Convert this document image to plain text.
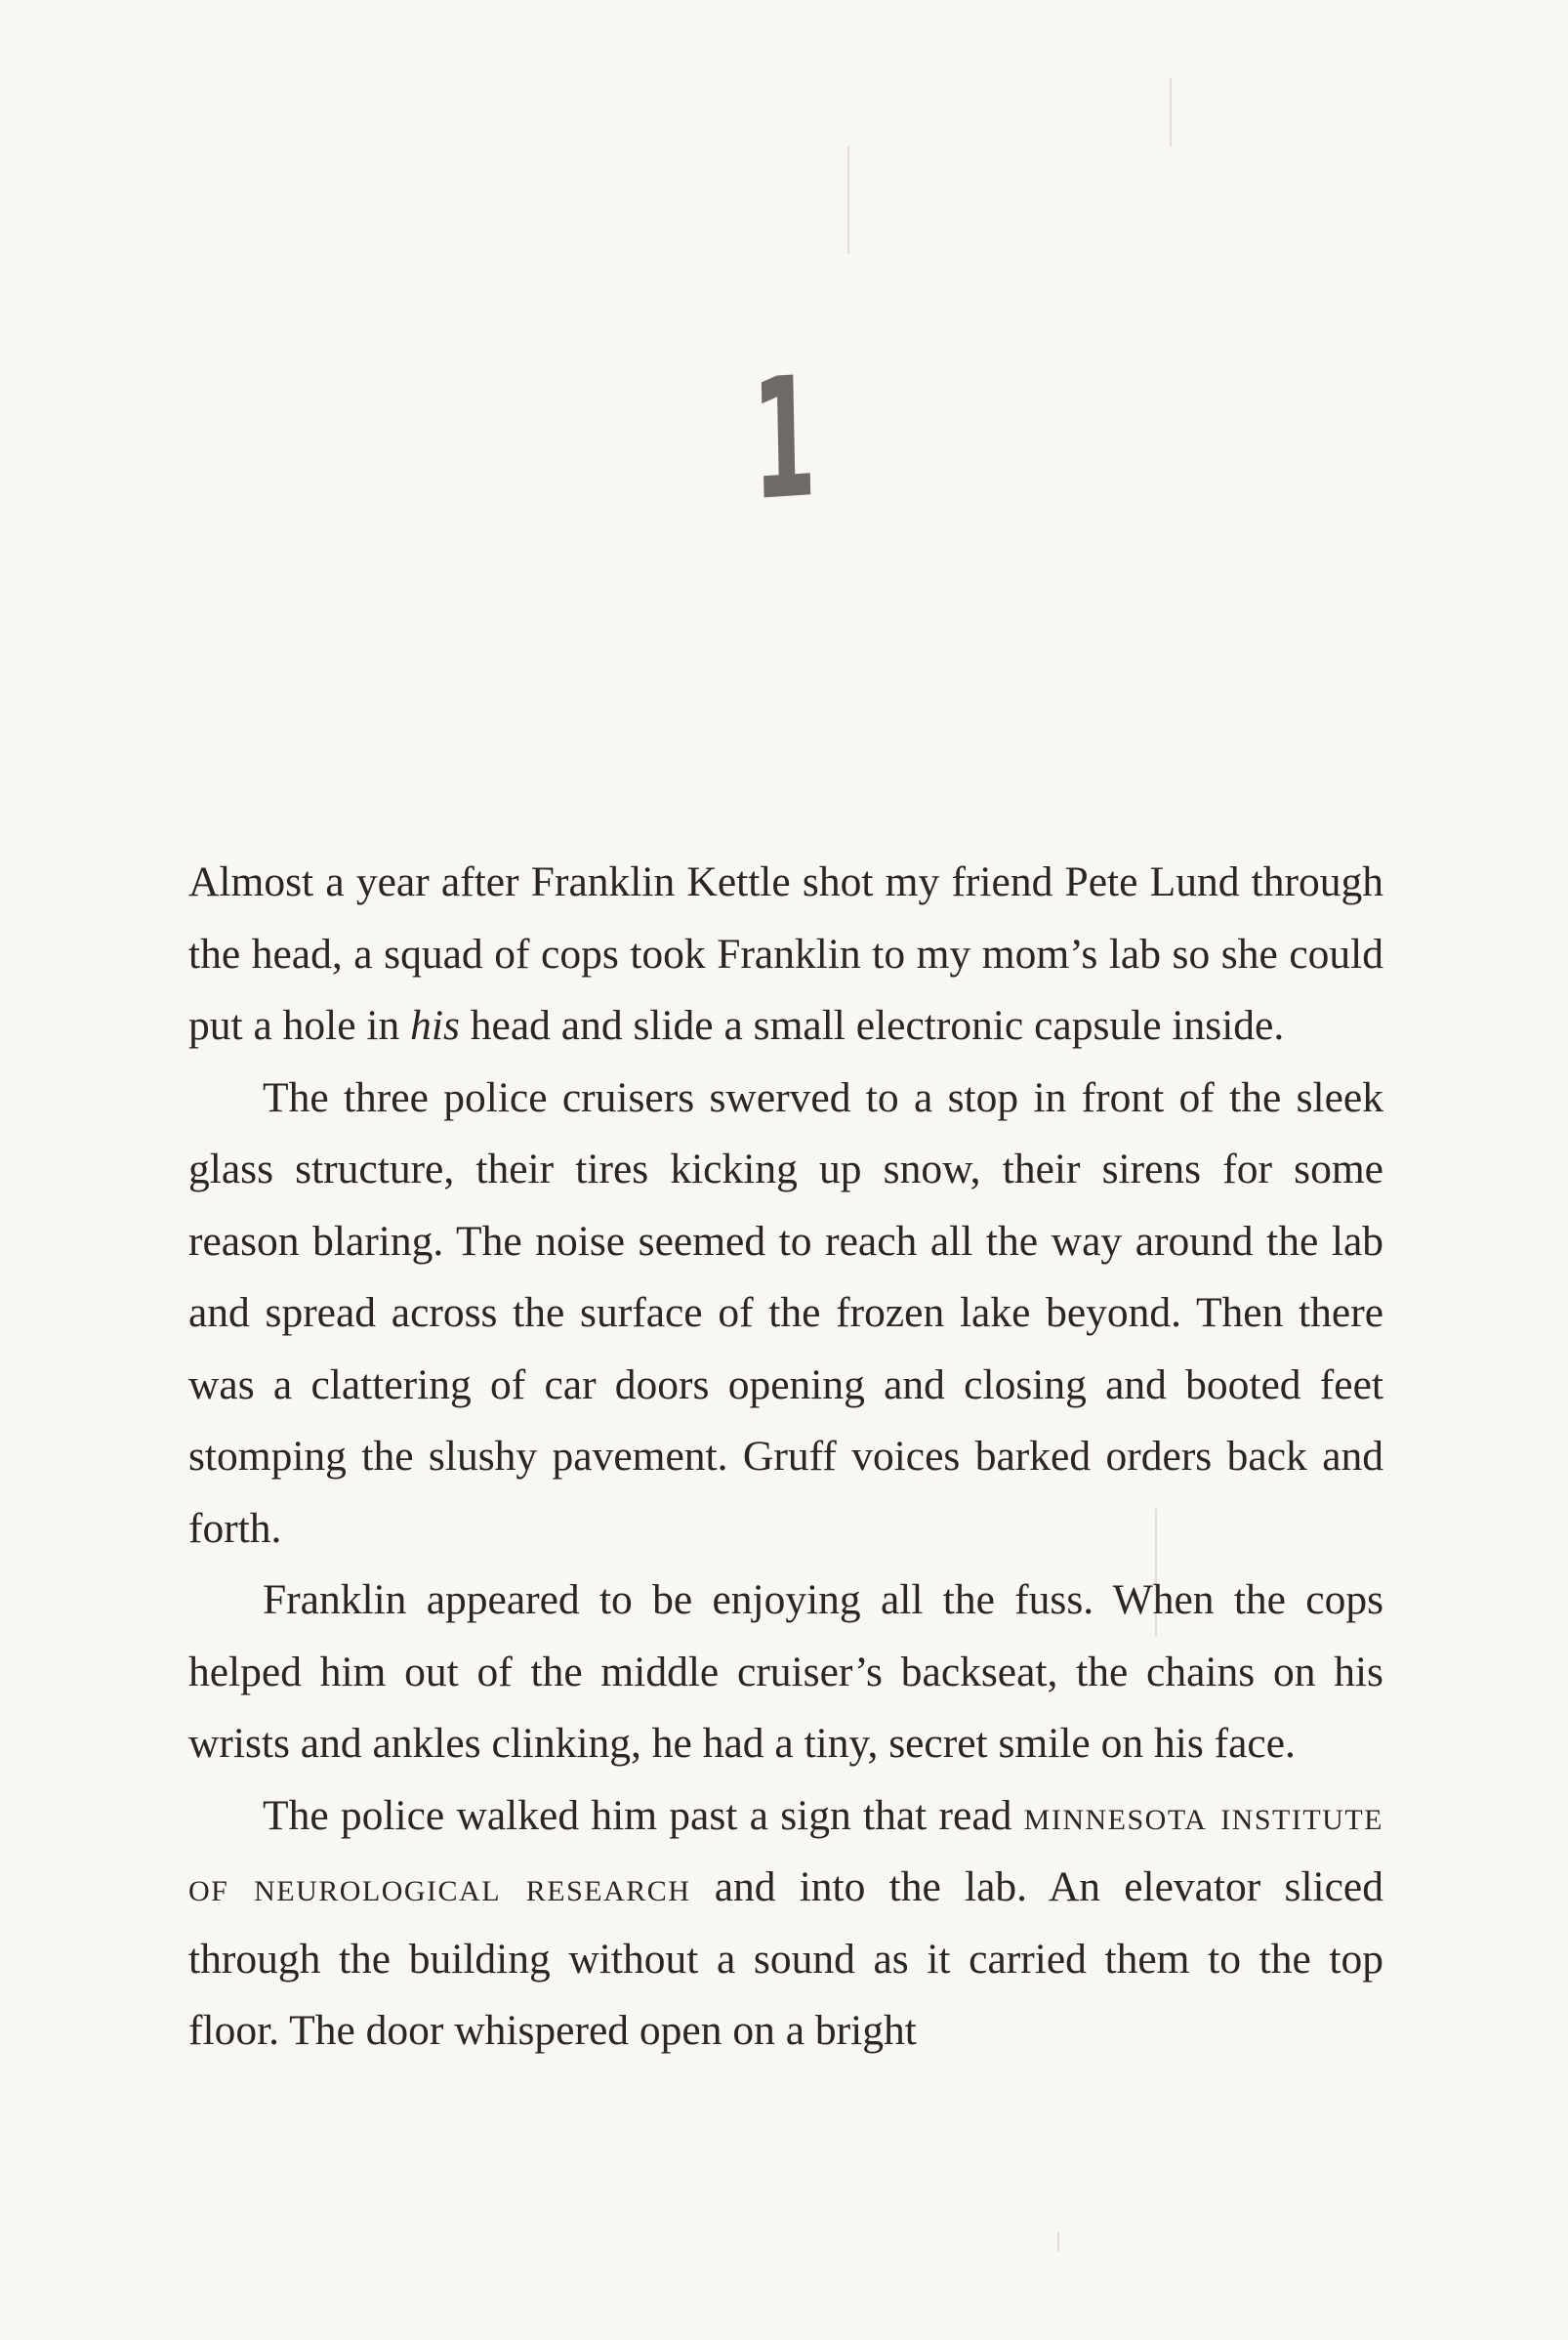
1

Almost a year after Franklin Kettle shot my friend Pete Lund through the head, a squad of cops took Franklin to my mom’s lab so she could put a hole in his head and slide a small electronic capsule inside.

The three police cruisers swerved to a stop in front of the sleek glass structure, their tires kicking up snow, their sirens for some reason blaring. The noise seemed to reach all the way around the lab and spread across the surface of the frozen lake beyond. Then there was a clattering of car doors opening and closing and booted feet stomping the slushy pavement. Gruff voices barked orders back and forth.

Franklin appeared to be enjoying all the fuss. When the cops helped him out of the middle cruiser’s backseat, the chains on his wrists and ankles clinking, he had a tiny, secret smile on his face.

The police walked him past a sign that read minnesota institute of neurological research and into the lab. An elevator sliced through the building without a sound as it carried them to the top floor. The door whispered open on a bright
